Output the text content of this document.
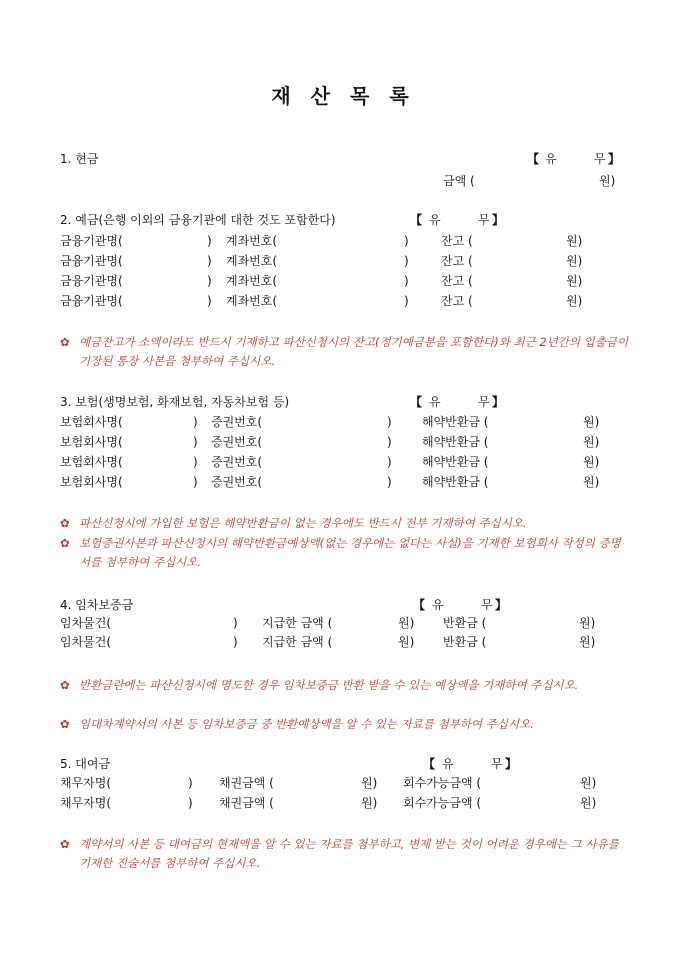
재 산 목 록
1. 현금	【 유	무 】
금액 (	원)
2. 예금(은행 이외의 금융기관에 대한 것도 포함한다)	【 유	무 】
금융기관명(	) 계좌번호(	)	잔고 (	원)
금융기관명(	) 계좌번호(	)	잔고 (	원)
금융기관명(	) 계좌번호(	)	잔고 (	원)
금융기관명(	) 계좌번호(	)	잔고 (	원)
✿ 예금잔고가 소액이라도 반드시 기재하고 파산신청시의 잔고(정기예금분을 포함한다)와 최근 2년간의 입출금이 기장된 통장 사본을 첨부하여 주십시오.
3. 보험(생명보험, 화재보험, 자동차보험 등)	【 유	무 】
보험회사명(	) 증권번호(	)	해약반환금 (	원)
보험회사명(	) 증권번호(	)	해약반환금 (	원)
보험회사명(	) 증권번호(	)	해약반환금 (	원)
보험회사명(	) 증권번호(	)	해약반환금 (	원)
✿ 파산신청시에 가입한 보험은 해약반환금이 없는 경우에도 반드시 전부 기재하여 주십시오.
✿ 보험증권사본과 파산신청시의 해약반환금예상액(없는 경우에는 없다는 사실)을 기재한 보험회사 작성의 증명서를 첨부하여 주십시오.
4. 임차보증금	【 유	무 】
임차물건(	) 지급한 금액 (	원) 반환금 (	원)
임차물건(	) 지급한 금액 (	원) 반환금 (	원)
✿ 반환금란에는 파산신청시에 명도한 경우 임차보증금 반환 받을 수 있는 예상액을 기재하여 주십시오.
✿ 임대차계약서의 사본 등 임차보증금 중 반환예상액을 알 수 있는 자료를 첨부하여 주십시오.
5. 대여금	【 유	무 】
채무자명(	) 채권금액 (	원) 회수가능금액 (	원)
채무자명(	) 채권금액 (	원) 회수가능금액 (	원)
✿ 계약서의 사본 등 대여금의 현재액을 알 수 있는 자료를 첨부하고, 변제 받는 것이 어려운 경우에는 그 사유를 기재한 진술서를 첨부하여 주십시오.
